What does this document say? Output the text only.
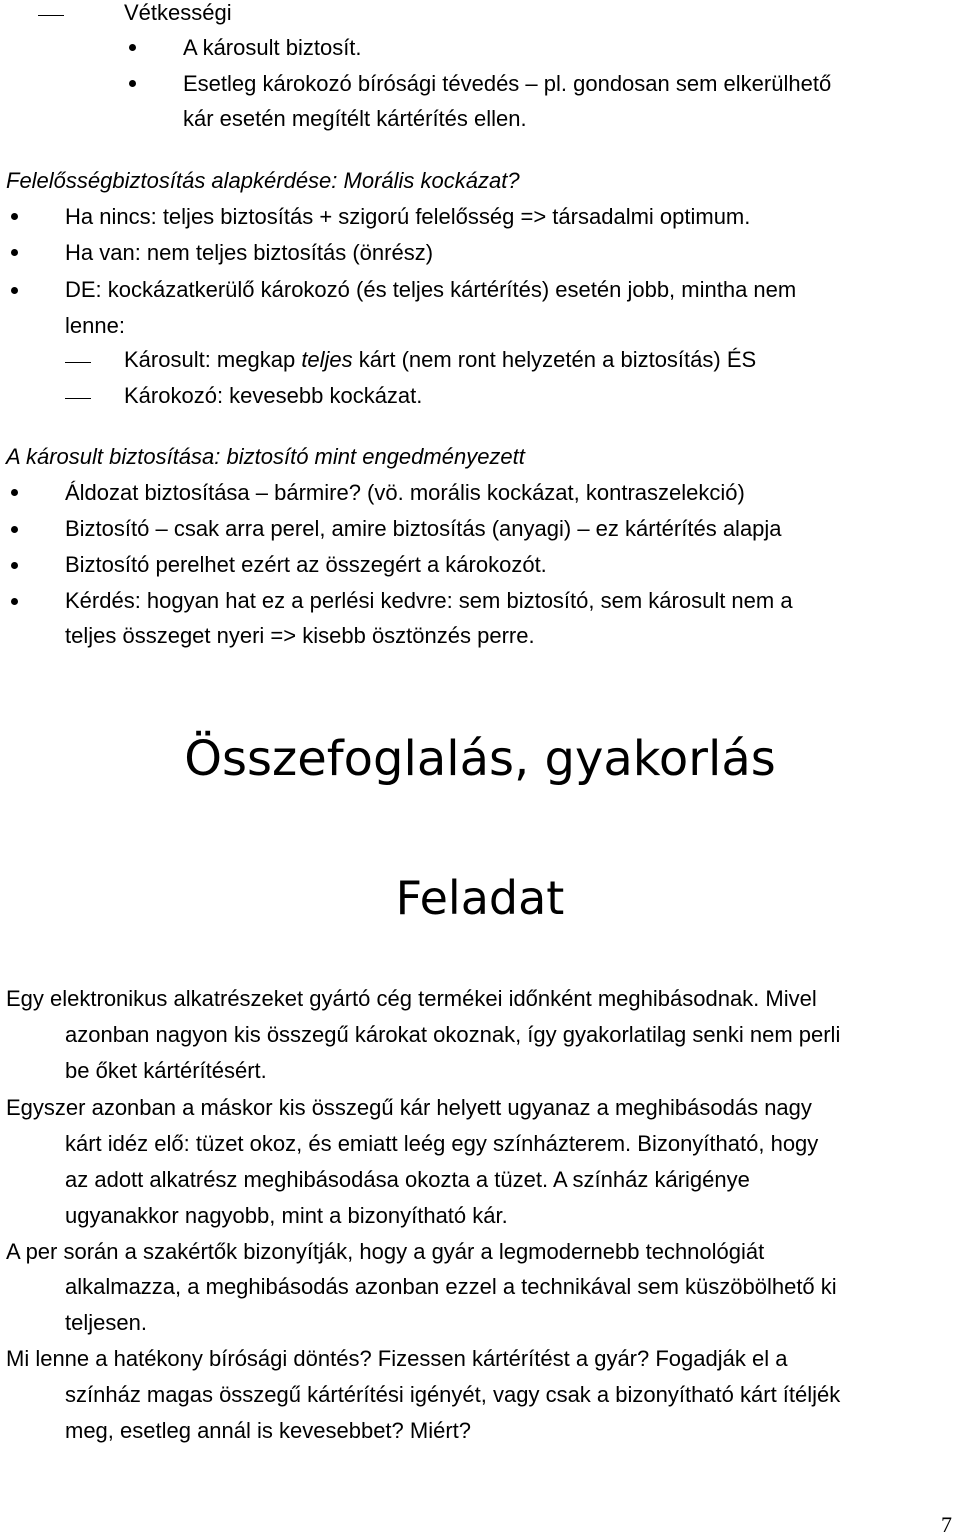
Vétkességi
A károsult biztosít.
Esetleg károkozó bírósági tévedés – pl. gondosan sem elkerülhető
kár esetén megítélt kártérítés ellen.
Felelősségbiztosítás alapkérdése: Morális kockázat?
Ha nincs: teljes biztosítás + szigorú felelősség => társadalmi optimum.
Ha van: nem teljes biztosítás (önrész)
DE: kockázatkerülő károkozó (és teljes kártérítés) esetén jobb, mintha nem
lenne:
Károsult: megkap teljes kárt (nem ront helyzetén a biztosítás) ÉS
Károkozó: kevesebb kockázat.
A károsult biztosítása: biztosító mint engedményezett
Áldozat biztosítása – bármire? (vö. morális kockázat, kontraszelekció)
Biztosító – csak arra perel, amire biztosítás (anyagi) – ez kártérítés alapja
Biztosító perelhet ezért az összegért a károkozót.
Kérdés: hogyan hat ez a perlési kedvre: sem biztosító, sem károsult nem a
teljes összeget nyeri => kisebb ösztönzés perre.
Összefoglalás, gyakorlás
Feladat
Egy elektronikus alkatrészeket gyártó cég termékei időnként meghibásodnak. Mivel
azonban nagyon kis összegű károkat okoznak, így gyakorlatilag senki nem perli
be őket kártérítésért.
Egyszer azonban a máskor kis összegű kár helyett ugyanaz a meghibásodás nagy
kárt idéz elő: tüzet okoz, és emiatt leég egy színházterem. Bizonyítható, hogy
az adott alkatrész meghibásodása okozta a tüzet. A színház kárigénye
ugyanakkor nagyobb, mint a bizonyítható kár.
A per során a szakértők bizonyítják, hogy a gyár a legmodernebb technológiát
alkalmazza, a meghibásodás azonban ezzel a technikával sem küszöbölhető ki
teljesen.
Mi lenne a hatékony bírósági döntés? Fizessen kártérítést a gyár? Fogadják el a
színház magas összegű kártérítési igényét, vagy csak a bizonyítható kárt ítéljék
meg, esetleg annál is kevesebbet? Miért?
7
